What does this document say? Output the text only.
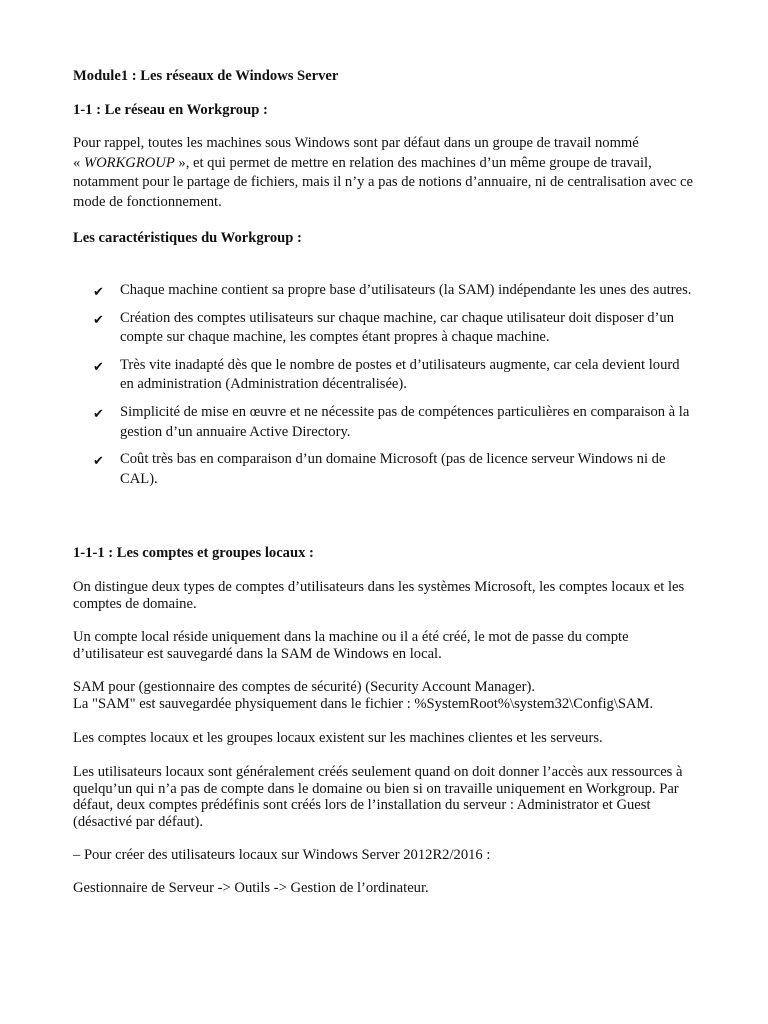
Module1 : Les réseaux de Windows Server

1-1 : Le réseau en Workgroup :

Pour rappel, toutes les machines sous Windows sont par défaut dans un groupe de travail nommé « WORKGROUP », et qui permet de mettre en relation des machines d’un même groupe de travail, notamment pour le partage de fichiers, mais il n’y a pas de notions d’annuaire, ni de centralisation avec ce mode de fonctionnement.

Les caractéristiques du Workgroup :

✔ Chaque machine contient sa propre base d’utilisateurs (la SAM) indépendante les unes des autres.
✔ Création des comptes utilisateurs sur chaque machine, car chaque utilisateur doit disposer d’un compte sur chaque machine, les comptes étant propres à chaque machine.
✔ Très vite inadapté dès que le nombre de postes et d’utilisateurs augmente, car cela devient lourd en administration (Administration décentralisée).
✔ Simplicité de mise en œuvre et ne nécessite pas de compétences particulières en comparaison à la gestion d’un annuaire Active Directory.
✔ Coût très bas en comparaison d’un domaine Microsoft (pas de licence serveur Windows ni de CAL).

1-1-1 : Les comptes et groupes locaux :

On distingue deux types de comptes d’utilisateurs dans les systèmes Microsoft, les comptes locaux et les comptes de domaine.

Un compte local réside uniquement dans la machine ou il a été créé, le mot de passe du compte d’utilisateur est sauvegardé dans la SAM de Windows en local.

SAM pour (gestionnaire des comptes de sécurité) (Security Account Manager).
La "SAM" est sauvegardée physiquement dans le fichier : %SystemRoot%\system32\Config\SAM.

Les comptes locaux et les groupes locaux existent sur les machines clientes et les serveurs.

Les utilisateurs locaux sont généralement créés seulement quand on doit donner l’accès aux ressources à quelqu’un qui n’a pas de compte dans le domaine ou bien si on travaille uniquement en Workgroup. Par défaut, deux comptes prédéfinis sont créés lors de l’installation du serveur : Administrator et Guest (désactivé par défaut).

– Pour créer des utilisateurs locaux sur Windows Server 2012R2/2016 :

Gestionnaire de Serveur -> Outils -> Gestion de l’ordinateur.
